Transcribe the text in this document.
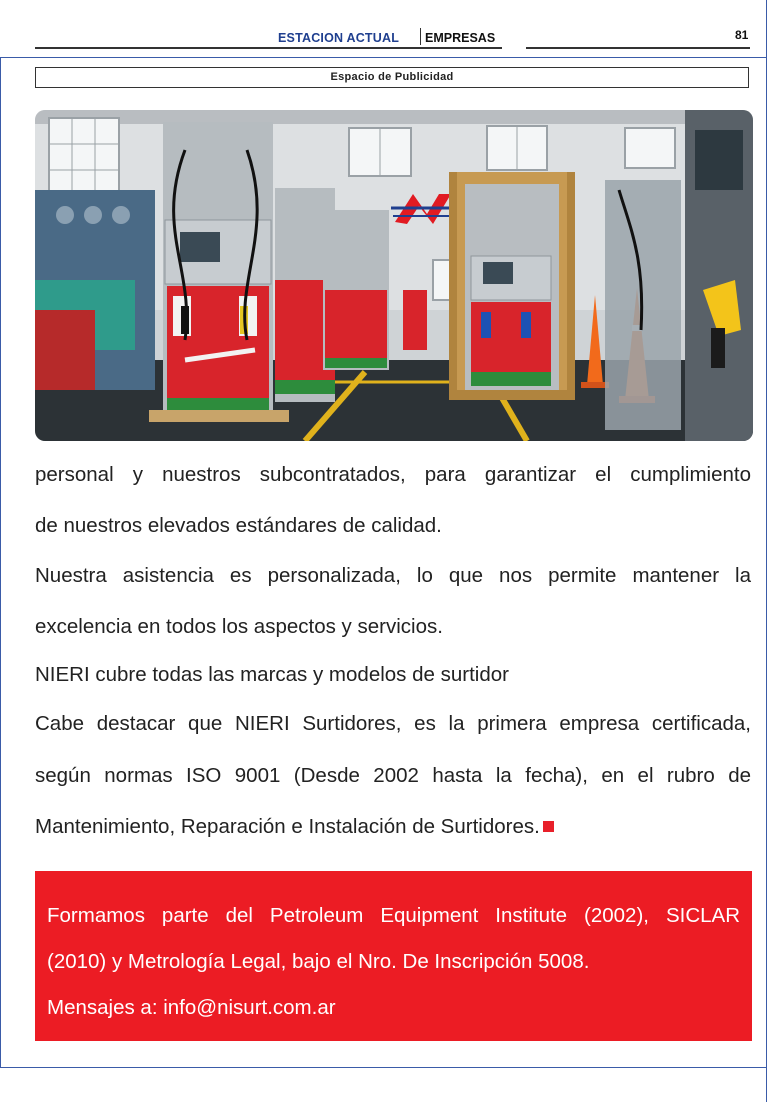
ESTACION ACTUAL EMPRESAS	81
Espacio de Publicidad

personal y nuestros subcontratados, para garantizar el cumplimiento

de nuestros elevados estándares de calidad.

Nuestra asistencia es personalizada, lo que nos permite mantener la

excelencia en todos los aspectos y servicios.

NIERI cubre todas las marcas y modelos de surtidor

Cabe destacar que NIERI Surtidores, es la primera empresa certificada,

según normas ISO 9001 (Desde 2002 hasta la fecha), en el rubro de

Mantenimiento, Reparación e Instalación de Surtidores.

Formamos parte del Petroleum Equipment Institute (2002), SICLAR

(2010) y Metrología Legal, bajo el Nro. De Inscripción 5008.

Mensajes a: info@nisurt.com.ar
